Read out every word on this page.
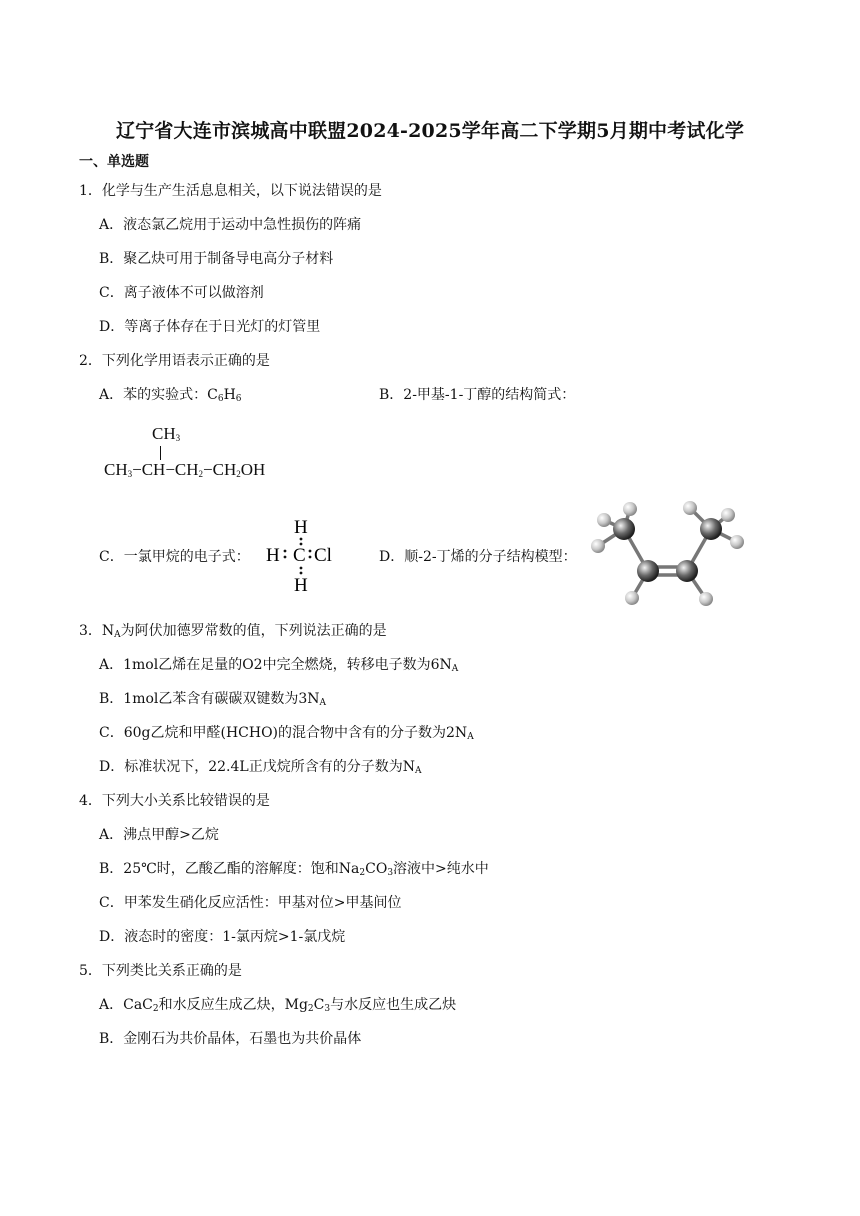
辽宁省大连市滨城高中联盟2024-2025学年高二下学期5月期中考试化学
一、单选题
1．化学与生产生活息息相关，以下说法错误的是
A．液态氯乙烷用于运动中急性损伤的阵痛
B．聚乙炔可用于制备导电高分子材料
C．离子液体不可以做溶剂
D．等离子体存在于日光灯的灯管里
2．下列化学用语表示正确的是
A．苯的实验式：$C_6H_6$	B．2-甲基-1-丁醇的结构简式：
$CH_3$
$CH_3-CH-CH_2-CH_2OH$
C．一氯甲烷的电子式：
H
H C Cl
H
D．顺-2-丁烯的分子结构模型：
3．$N_A$为阿伏加德罗常数的值，下列说法正确的是
A．1mol乙烯在足量的O2中完全燃烧，转移电子数为$6N_A$
B．1mol乙苯含有碳碳双键数为$3N_A$
C．60g乙烷和甲醛(HCHO)的混合物中含有的分子数为$2N_A$
D．标准状况下，22.4L正戊烷所含有的分子数为$N_A$
4．下列大小关系比较错误的是
A．沸点甲醇>乙烷
B．25℃时，乙酸乙酯的溶解度：饱和$Na_2CO_3$溶液中>纯水中
C．甲苯发生硝化反应活性：甲基对位>甲基间位
D．液态时的密度：1-氯丙烷>1-氯戊烷
5．下列类比关系正确的是
A．CaC$_2$和水反应生成乙炔，$Mg_2C_3$与水反应也生成乙炔
B．金刚石为共价晶体，石墨也为共价晶体
